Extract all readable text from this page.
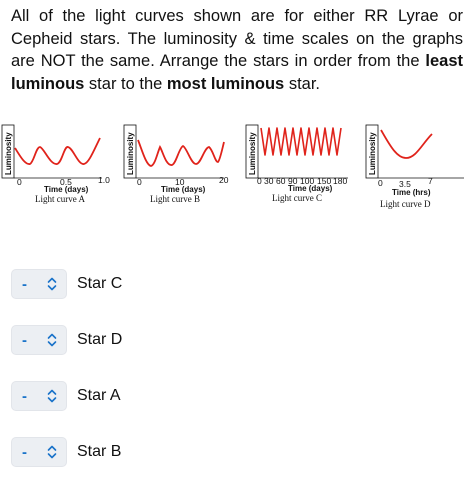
All of the light curves shown are for either RR Lyrae or Cepheid stars. The luminosity & time scales on the graphs are NOT the same. Arrange the stars in order from the least luminous star to the most luminous star.

Luminosity
0	0.5	1.0
Time (days)
Light curve A
Luminosity
0	10	20
Time (days)
Light curve B
Luminosity
0 30 60 90 100 150 180
Time (days)
Light curve C
Luminosity
0 3.5 7
Time (hrs)
Light curve D
-	Star C
-	Star D
-	Star A
-	Star B
